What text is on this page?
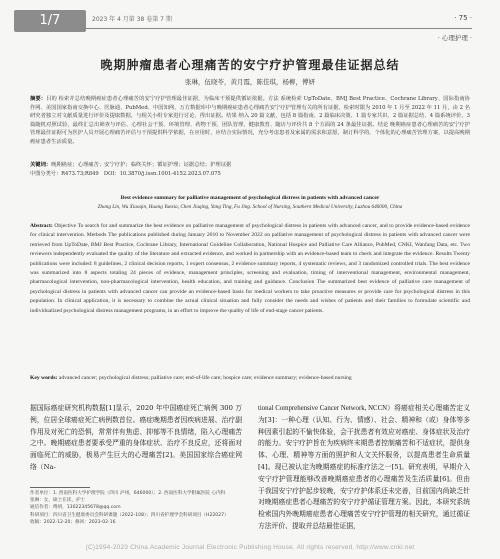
1/7	2023 年 4 月第 38 卷第 7 期	· 75 ·
· 心理护理 ·
晚期肿瘤患者心理痛苦的安宁疗护管理最佳证据总结
张琳，伍晓苓，黄月霞，陈佳琪，杨柳，傅妍

摘要：目的 检索并总结晚期癌症患者心理痛苦的安宁疗护管理最佳证据，为临床干预提供循证依据。方法 系统检索 UpToDate、BMJ Best Practice、Cochrane Library、国际指南协作网、美国国家指南交换中心、医脉通、PubMed、中国知网、万方数据库中与晚期癌症患者心理痛苦安宁疗护管理有关的所有证据，检索时限为 2010 年 1 月至 2022 年 11 月，由 2 名研究者独立对文献质量进行评价及提取数据，与相关小组专家进行讨论，得出证据。结果 纳入 20 篇文献，包括 8 篇指南、2 篇临床决策、1 篇专家共识、2 篇证据总结、4 篇系统评价、3 篇随机对照试验，最终汇总出筛查与评估、心理社会干预、环境管理、药物干预、团队管理、健康教育、随访与评价共 8 个方面的 24 条最佳证据。结论 晚期癌症患者心理痛苦的安宁疗护管理最佳证据可为医护人员开展心理痛苦评估与干预提供科学依据，在应用时，应结合实际情况，充分考虑患者及家属的需求和意愿，制订科学的、个体化的心理痛苦管理方案，以提高晚期癌症患者生活质量。

关键词：晚期癌症；心理痛苦；安宁疗护；临终关怀；循证护理；证据总结；护理证据

中图分类号：R473.73;R849　DOI：10.3870/j.issn.1001-4152.2023.07.075

Best evidence summary for palliative management of psychological distress in patients with advanced cancer
Zhang Lin, Wu Xiaoqin, Huang Yuexia, Chen Jiaqing, Yang Ting, Fu Jing. School of Nursing, Southern Medical University, Luzhou 646000, China

Abstract: Objective To search for and summarize the best evidence on palliative management of psychological distress in patients with advanced cancer, and to provide evidence-based evidence for clinical intervention. Methods The publications published during January 2010 to November 2022 on palliative management of psychological distress in patients with advanced cancer were retrieved from UpToDate, BMJ Best Practice, Cochrane Library, International Guideline Collaboration, National Hospice and Palliative Care Alliance, PubMed, CNKI, Wanfang Data, etc. Two reviewers independently evaluated the quality of the literature and extracted evidence, and worked in partnership with an evidence-based team to check and integrate the evidence. Results Twenty publications were included: 8 guidelines, 2 clinical decision reports, 1 expert consensus, 2 evidence summary reports, 4 systematic reviews, and 3 randomized controlled trials. The best evidence was summarized into 8 aspects totaling 24 pieces of evidence, management principles, screening and evaluation, timing of interventional management, environmental management, pharmacological intervention, non-pharmacological intervention, health education, and training and guidance. Conclusion The summarized best evidence of palliative care management of psychological distress in patients with advanced cancer can provide an evidence-based basis for medical workers to take proactive measures or provide care for psychological distress in this population. In clinical application, it is necessary to combine the actual clinical situation and fully consider the needs and wishes of patients and their families to formulate scientific and individualized psychological distress management programs, in an effort to improve the quality of life of end-stage cancer patients.

Key words: advanced cancer; psychological distress; palliative care; end-of-life care; hospice care; evidence summary; evidence-based nursing

据国际癌症研究机构数据[1]显示，2020 年中国癌症死亡病例 300 万例，位居全球癌症死亡病例数首位。癌症晚期患者因疾病进展、治疗副作用及对死亡的恐惧，常常伴有焦虑、抑郁等不良情绪，陷入心理痛苦之中。晚期癌症患者要承受严重的身体症状、治疗不良反应，还将面对面临死亡的威胁，极易产生巨大的心理痛苦[2]。美国国家综合癌症网络（Na-
tional Comprehensive Cancer Network, NCCN）将癌症相关心理痛苦定义为[3]：一种心理（认知、行为、情感）、社会、精神和（或）身体等多种因素引起的不愉快体验，会干扰患者有效应对癌症、身体症状及治疗的能力。安宁疗护旨在为疾病终末期患者控制痛苦和不适症状，提供身体、心理、精神等方面的照护和人文关怀服务，以提高患者生命质量[4]。现已被认定为晚期癌症的标准疗法之一[5]。研究表明，早期介入安宁疗护管理能够改善晚期癌症患者的心理痛苦及生活质量[6]。但由于我国安宁疗护起步较晚，安宁疗护体系还未完善，目前国内尚缺乏针对晚期癌症患者心理痛苦的安宁疗护循证管理方案。因此，本研究系统检索国内外晚期癌症患者心理痛苦安宁疗护管理的相关研究，通过循证方法评价、提取并总结最佳证据，
作者单位：1. 西南医科大学护理学院（四川 泸州，646000）；2. 西南医科大学附属医院 心内科
张琳：女，硕士在读，护士
通信作者：傅妍，13022345678@qq.com
科研项目：四川省卫生健康委员会科研课题（2022-108）；四川省护理学会科研项目（H22027）
收稿：2022-12-20；修回：2023-02-16
(C)1994-2023 China Academic Journal Electronic Publishing House. All rights reserved. http://www.cnki.net
